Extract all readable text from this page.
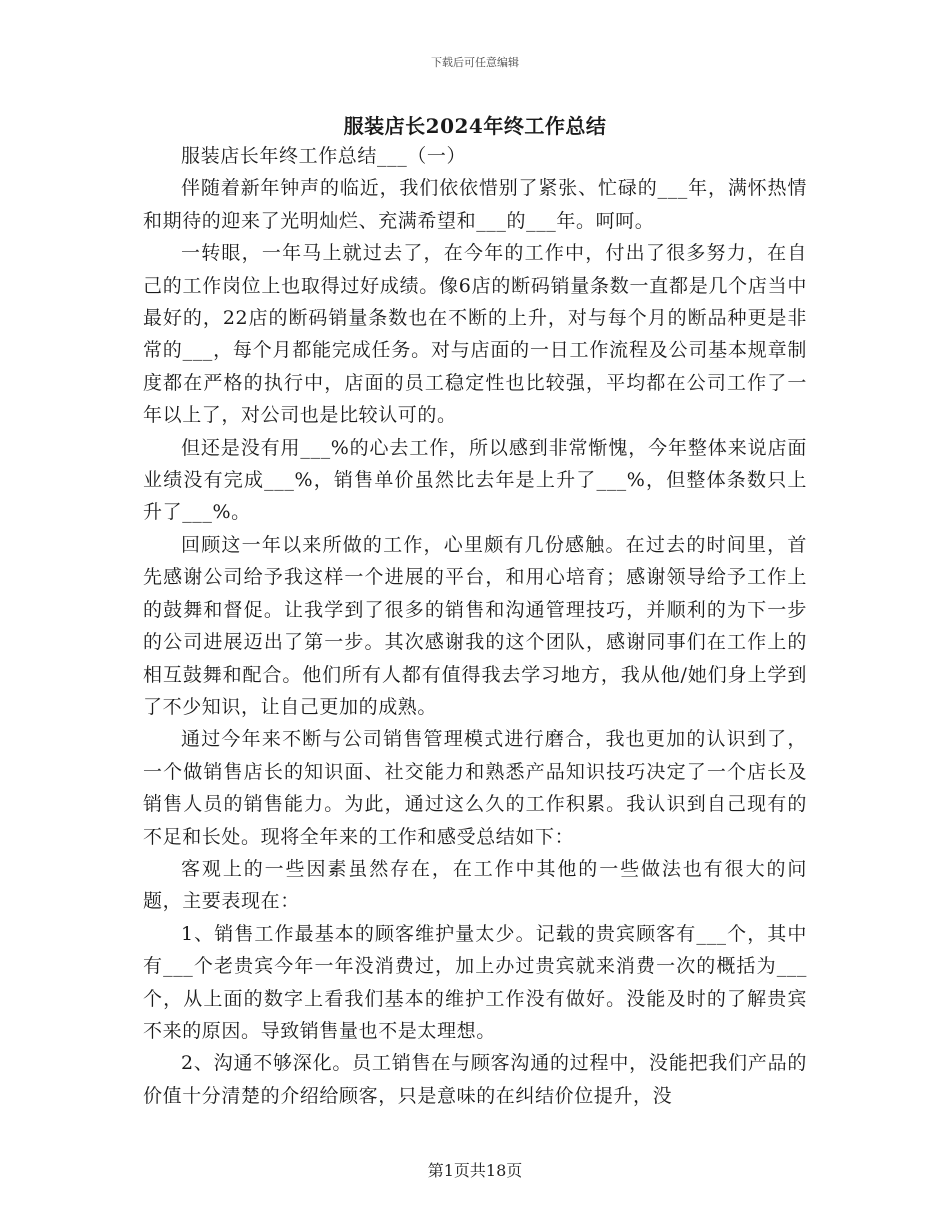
下载后可任意编辑
服装店长2024年终工作总结

服装店长年终工作总结___（一）

伴随着新年钟声的临近，我们依依惜别了紧张、忙碌的___年，满怀热情和期待的迎来了光明灿烂、充满希望和___的___年。呵呵。

一转眼，一年马上就过去了，在今年的工作中，付出了很多努力，在自己的工作岗位上也取得过好成绩。像6店的断码销量条数一直都是几个店当中最好的，22店的断码销量条数也在不断的上升，对与每个月的断品种更是非常的___，每个月都能完成任务。对与店面的一日工作流程及公司基本规章制度都在严格的执行中，店面的员工稳定性也比较强，平均都在公司工作了一年以上了，对公司也是比较认可的。

但还是没有用___%的心去工作，所以感到非常惭愧，今年整体来说店面业绩没有完成___%，销售单价虽然比去年是上升了___%，但整体条数只上升了___%。

回顾这一年以来所做的工作，心里颇有几份感触。在过去的时间里，首先感谢公司给予我这样一个进展的平台，和用心培育；感谢领导给予工作上的鼓舞和督促。让我学到了很多的销售和沟通管理技巧，并顺利的为下一步的公司进展迈出了第一步。其次感谢我的这个团队，感谢同事们在工作上的相互鼓舞和配合。他们所有人都有值得我去学习地方，我从他/她们身上学到了不少知识，让自己更加的成熟。

通过今年来不断与公司销售管理模式进行磨合，我也更加的认识到了，一个做销售店长的知识面、社交能力和熟悉产品知识技巧决定了一个店长及销售人员的销售能力。为此，通过这么久的工作积累。我认识到自己现有的不足和长处。现将全年来的工作和感受总结如下：

客观上的一些因素虽然存在，在工作中其他的一些做法也有很大的问题，主要表现在：

1、销售工作最基本的顾客维护量太少。记载的贵宾顾客有___个，其中有___个老贵宾今年一年没消费过，加上办过贵宾就来消费一次的概括为___个，从上面的数字上看我们基本的维护工作没有做好。没能及时的了解贵宾不来的原因。导致销售量也不是太理想。

2、沟通不够深化。员工销售在与顾客沟通的过程中，没能把我们产品的价值十分清楚的介绍给顾客，只是意味的在纠结价位提升，没

第1页共18页
